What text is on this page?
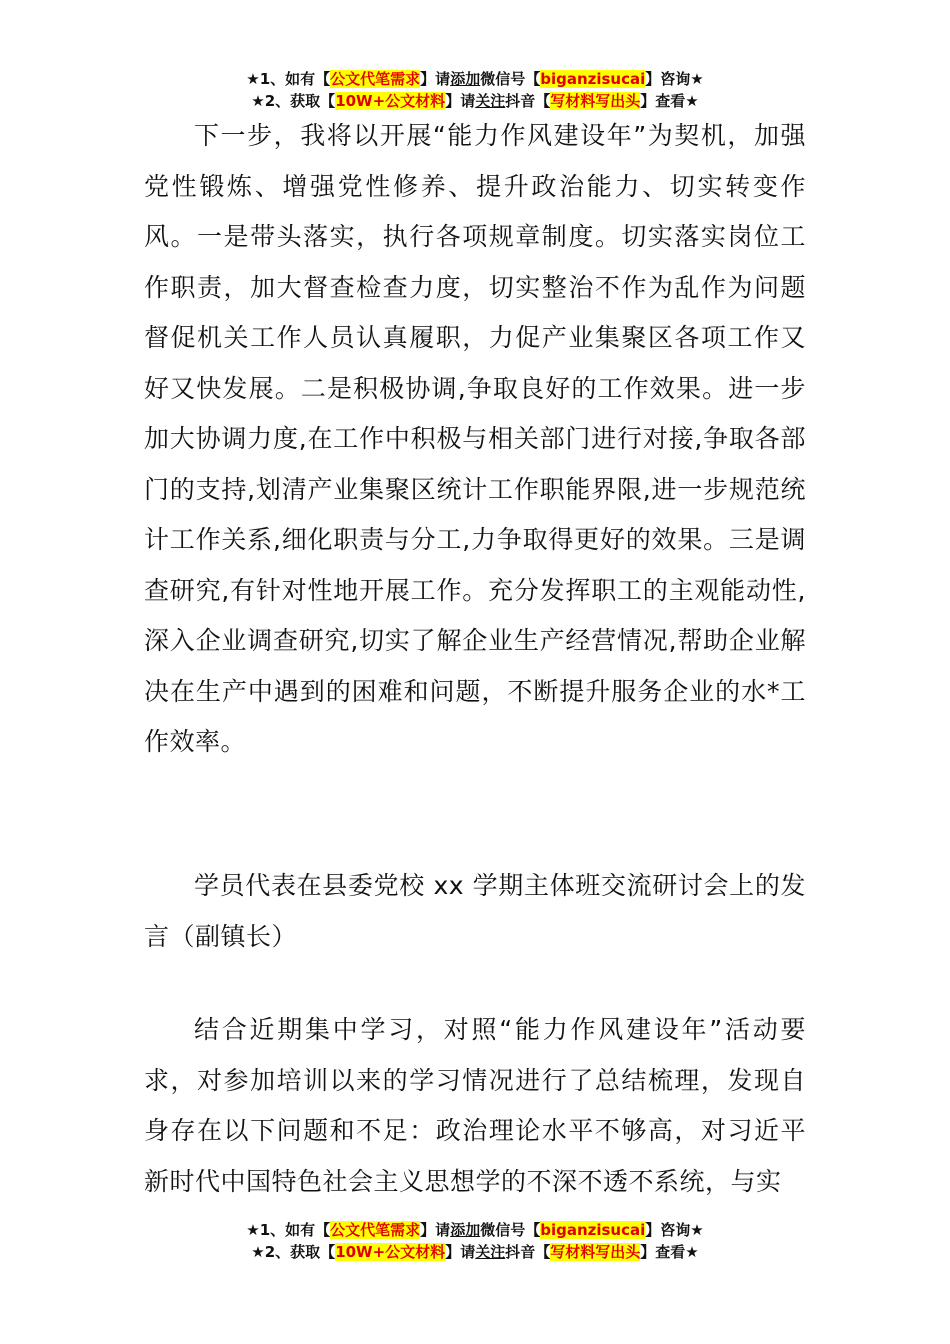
★1、如有【公文代笔需求】请添加微信号【biganzisucai】咨询★
★2、获取【10W+公文材料】请关注抖音【写材料写出头】查看★

下一步，我将以开展“能力作风建设年”为契机，加强党性锻炼、增强党性修养、提升政治能力、切实转变作风。一是带头落实，执行各项规章制度。切实落实岗位工作职责，加大督查检查力度，切实整治不作为乱作为问题督促机关工作人员认真履职，力促产业集聚区各项工作又好又快发展。二是积极协调,争取良好的工作效果。进一步加大协调力度,在工作中积极与相关部门进行对接,争取各部门的支持,划清产业集聚区统计工作职能界限,进一步规范统计工作关系,细化职责与分工,力争取得更好的效果。三是调查研究,有针对性地开展工作。充分发挥职工的主观能动性,深入企业调查研究,切实了解企业生产经营情况,帮助企业解决在生产中遇到的困难和问题，不断提升服务企业的水*工作效率。

学员代表在县委党校 xx 学期主体班交流研讨会上的发言（副镇长）

结合近期集中学习，对照“能力作风建设年”活动要求，对参加培训以来的学习情况进行了总结梳理，发现自身存在以下问题和不足：政治理论水平不够高，对习近平新时代中国特色社会主义思想学的不深不透不系统，与实

★1、如有【公文代笔需求】请添加微信号【biganzisucai】咨询★
★2、获取【10W+公文材料】请关注抖音【写材料写出头】查看★
